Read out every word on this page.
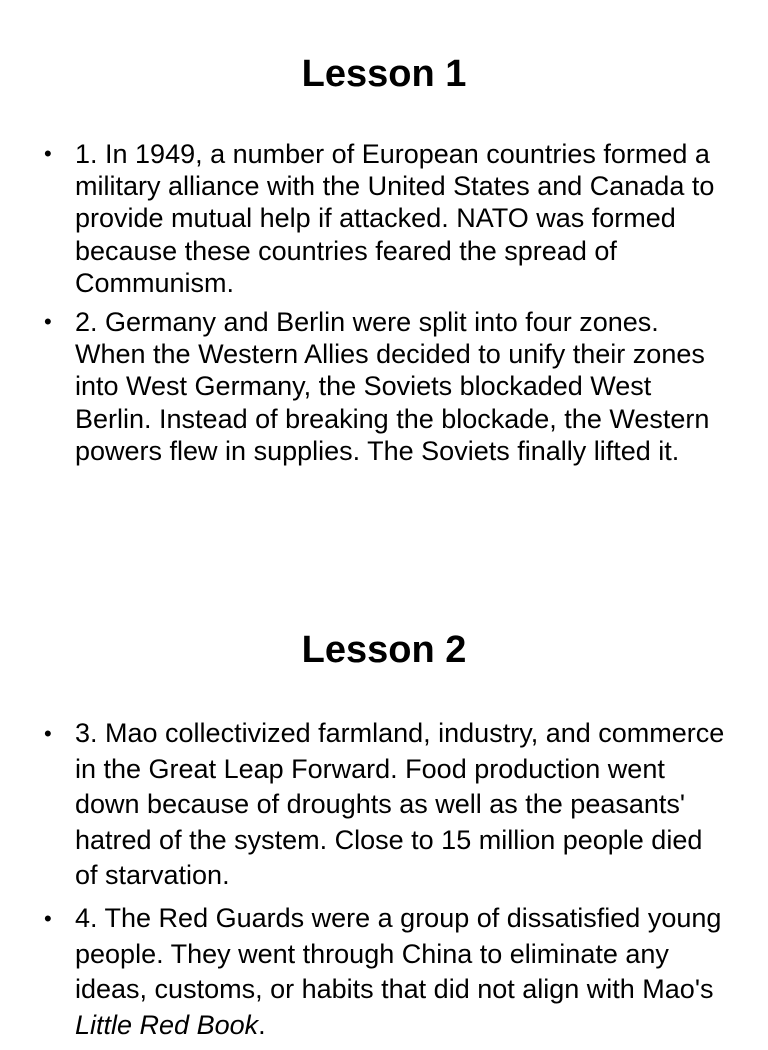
Lesson 1
• 1. In 1949, a number of European countries formed a military alliance with the United States and Canada to provide mutual help if attacked. NATO was formed because these countries feared the spread of Communism.
• 2. Germany and Berlin were split into four zones. When the Western Allies decided to unify their zones into West Germany, the Soviets blockaded West Berlin. Instead of breaking the blockade, the Western powers flew in supplies. The Soviets finally lifted it.
Lesson 2
• 3. Mao collectivized farmland, industry, and commerce in the Great Leap Forward. Food production went down because of droughts as well as the peasants' hatred of the system. Close to 15 million people died of starvation.
• 4. The Red Guards were a group of dissatisfied young people. They went through China to eliminate any ideas, customs, or habits that did not align with Mao's Little Red Book.
